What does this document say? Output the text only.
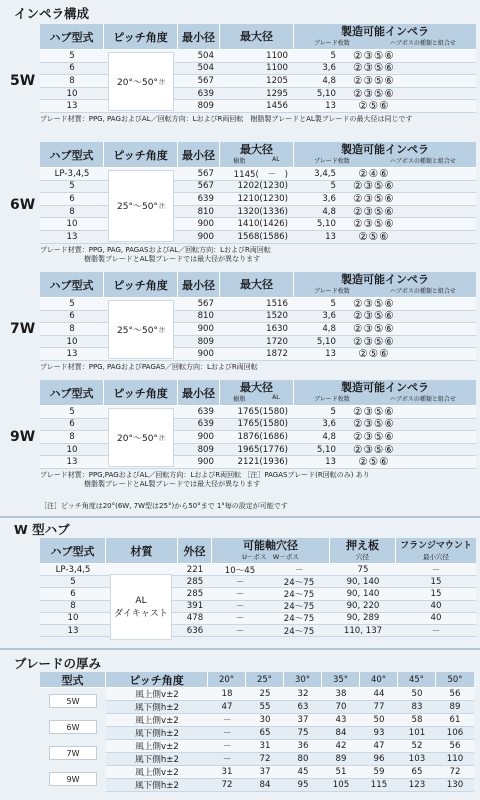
インペラ構成
ハブ型式	ピッチ角度	最小径	最大径	製造可能インペラ
ブレード枚数	ハブボスの種類と組合せ
5	504	1100	5	②③⑤⑥
6	504	1100	3,6	②③⑤⑥
8	567	1205	4,8	②③⑤⑥
10	639	1295	5,10	②③⑤⑥
13	809	1456	13	②⑤⑥
20°～50° 注
5W
ブレード材質：PPG, PAGおよびAL／回転方向：LおよびR両回転　樹脂製ブレードとAL製ブレードの最大径は同じです
ハブ型式	ピッチ角度	最小径	最大径
樹脂	AL
製造可能インペラ
ブレード枚数	ハブボスの種類と組合せ
LP-3,4,5	567	1145(　－　)	3,4,5	②④⑥
5	567	1202(1230)	5	②③⑤⑥
6	639	1210(1230)	3,6	②③⑤⑥
8	810	1320(1336)	4,8	②③⑤⑥
10	900	1410(1426)	5,10	②③⑤⑥
13	900	1568(1586)	13	②⑤⑥
25°～50° 注
6W
ブレード材質：PPG, PAG, PAGASおよびAL／回転方向：LおよびR両回転
樹脂製ブレードとAL製ブレードでは最大径が異なります
ハブ型式	ピッチ角度	最小径	最大径	製造可能インペラ
ブレード枚数	ハブボスの種類と組合せ
5	567	1516	5	②③⑤⑥
6	810	1520	3,6	②③⑤⑥
8	900	1630	4,8	②③⑤⑥
10	809	1720	5,10	②③⑤⑥
13	900	1872	13	②⑤⑥
25°～50° 注
7W
ブレード材質：PPG, PAGおよびPAGAS／回転方向：LおよびR両回転
ハブ型式	ピッチ角度	最小径	最大径
樹脂	AL
製造可能インペラ
ブレード枚数	ハブボスの種類と組合せ
5	639	1765(1580)	5	②③⑤⑥
6	639	1765(1580)	3,6	②③⑤⑥
8	900	1876(1686)	4,8	②③⑤⑥
10	809	1965(1776)	5,10	②③⑤⑥
13	900	2121(1936)	13	②⑤⑥
20°～50° 注
9W
ブレード材質：PPG,PAGおよびAL／回転方向：LおよびR両回転 ［注］PAGASブレード(R回転のみ) あり
樹脂製ブレードとAL製ブレードでは最大径が異なります
［注］ピッチ角度は20°(6W, 7W型は25°)から50°まで 1°毎の設定が可能です
W 型ハブ
ハブ型式	材質	外径	可能軸穴径
U－ボス　W－ボス
押え板
穴径
フランジマウント
最小穴径
LP-3,4,5	221	10～45	－	75	－
5	285	－	24～75	90, 140	15
6	285	－	24～75	90, 140	15
8	391	－	24～75	90, 220	40
10	478	－	24～75	90, 289	40
13	636	－	24～75	110, 137	－
AL
ダイキャスト
ブレードの厚み
型式	ピッチ角度	20°	25°	30°	35°	40°	45°	50°
5W
風上側v±2	18	25	32	38	44	50	56
風下側h±2	47	55	63	70	77	83	89
6W
風上側v±2	－	30	37	43	50	58	61
風下側h±2	－	65	75	84	93	101	106
7W
風上側v±2	－	31	36	42	47	52	56
風下側h±2	－	72	80	89	96	103	110
9W
風上側v±2	31	37	45	51	59	65	72
風下側h±2	72	84	95	105	115	123	130
